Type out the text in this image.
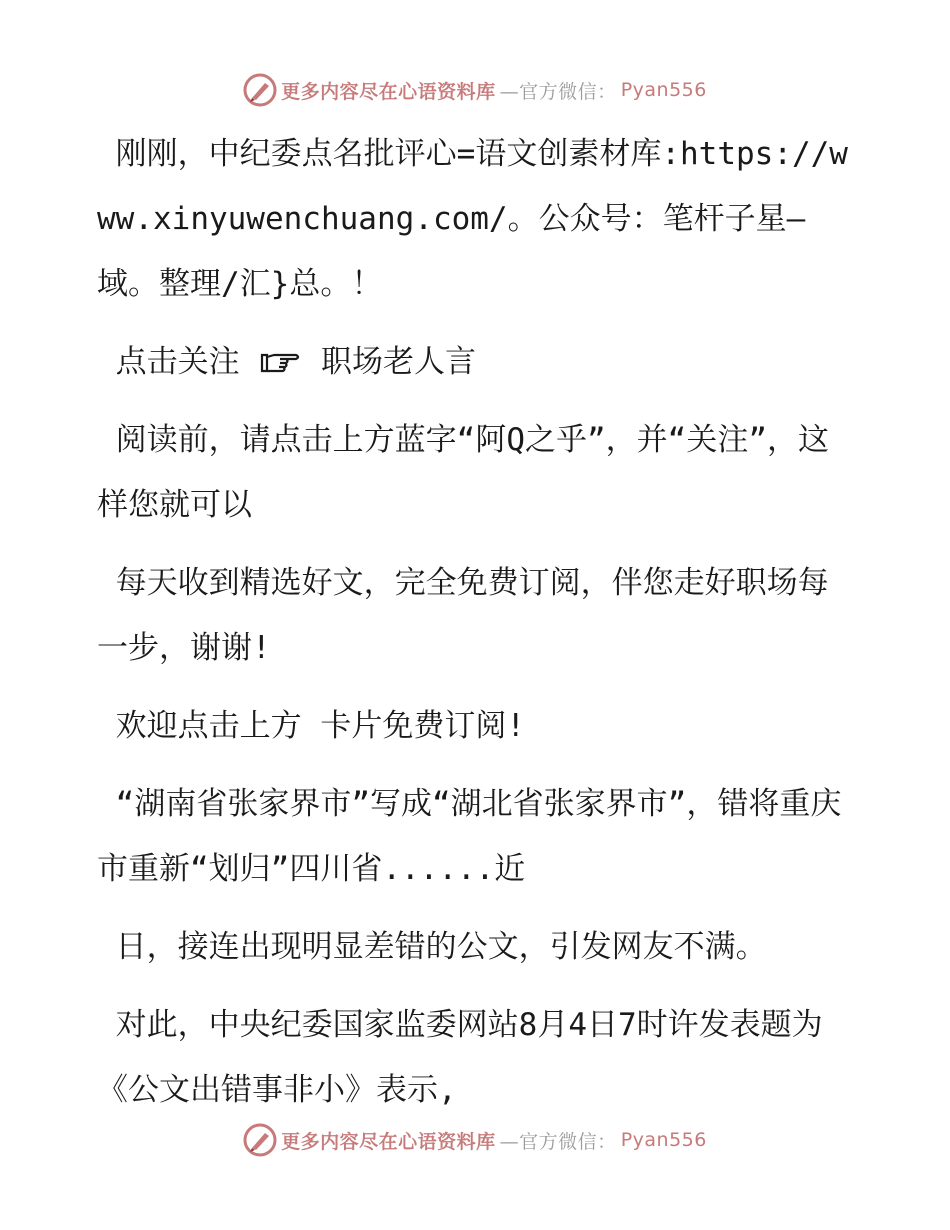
更多内容尽在心语资料库 —官方微信： Pyan556

刚刚，中纪委点名批评心=语文创素材库:https://www.xinyuwenchuang.com/。公众号：笔杆子星—域。整理/汇}总。！

点击关注  职场老人言

阅读前，请点击上方蓝字“阿Q之乎”，并“关注”，这样您就可以

每天收到精选好文，完全免费订阅，伴您走好职场每一步，谢谢!

欢迎点击上方 卡片免费订阅!

“湖南省张家界市”写成“湖北省张家界市”，错将重庆市重新“划归”四川省......近

日，接连出现明显差错的公文，引发网友不满。

对此，中央纪委国家监委网站8月4日7时许发表题为《公文出错事非小》表示,

更多内容尽在心语资料库 —官方微信： Pyan556
